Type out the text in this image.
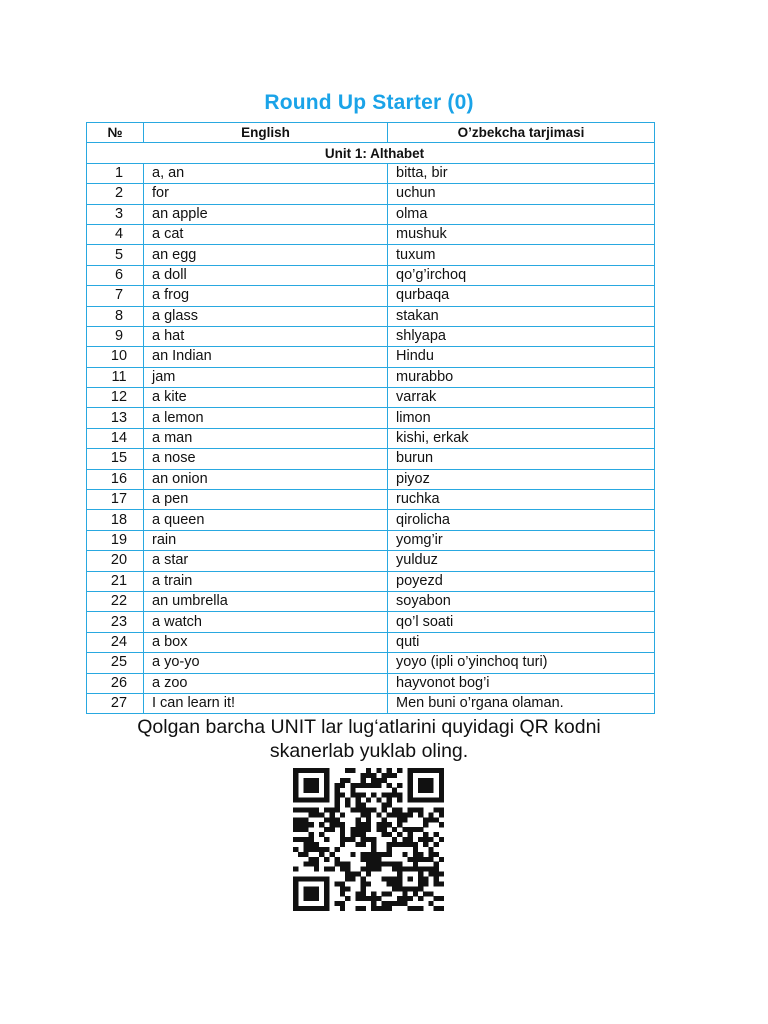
Round Up Starter (0)
№	English	O’zbekcha tarjimasi
Unit 1: Althabet		
1	a, an	bitta, bir
2	for	uchun
3	an apple	olma
4	a cat	mushuk
5	an egg	tuxum
6	a doll	qo’g’irchoq
7	a frog	qurbaqa
8	a glass	stakan
9	a hat	shlyapa
10	an Indian	Hindu
11	jam	murabbo
12	a kite	varrak
13	a lemon	limon
14	a man	kishi, erkak
15	a nose	burun
16	an onion	piyoz
17	a pen	ruchka
18	a queen	qirolicha
19	rain	yomg’ir
20	a star	yulduz
21	a train	poyezd
22	an umbrella	soyabon
23	a watch	qo’l soati
24	a box	quti
25	a yo-yo	yoyo (ipli o’yinchoq turi)
26	a zoo	hayvonot bog’i
27	I can learn it!	Men buni o’rgana olaman.
Qolgan barcha UNIT lar lug‘atlarini quyidagi QR kodni
skanerlab yuklab oling.
